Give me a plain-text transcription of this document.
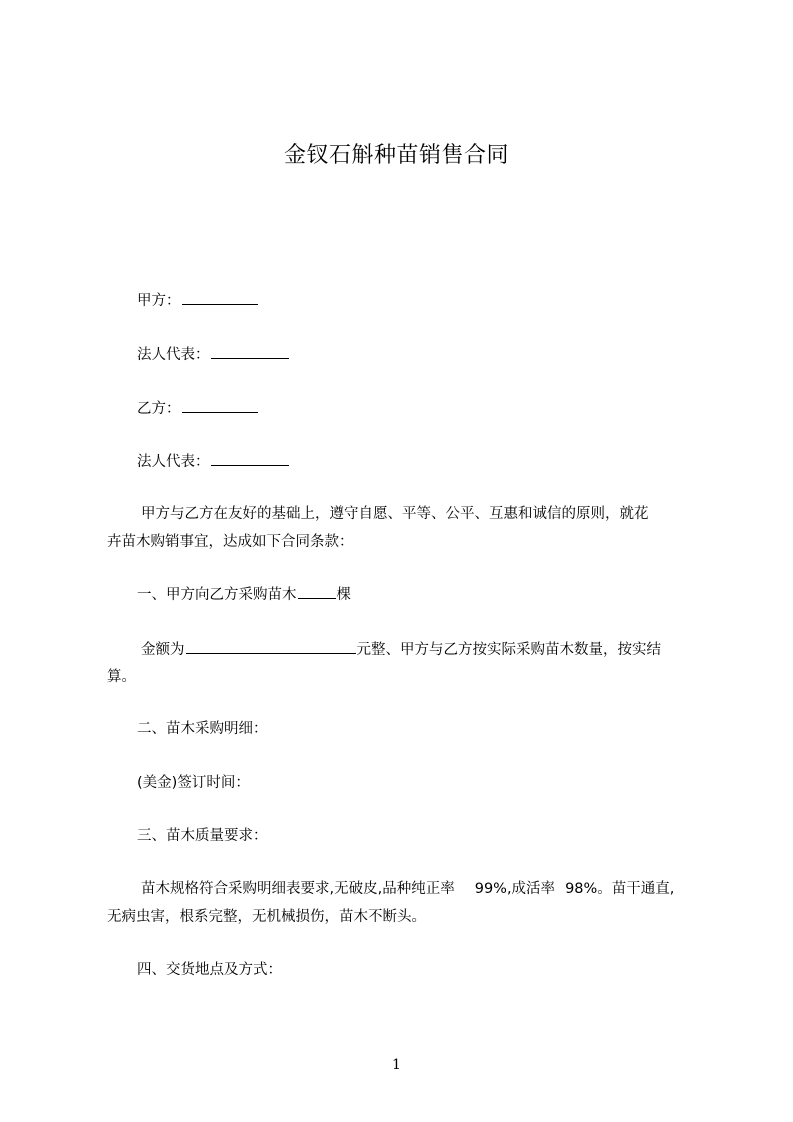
金钗石斛种苗销售合同
甲方：
法人代表：
乙方：
法人代表：
甲方与乙方在友好的基础上，遵守自愿、平等、公平、互惠和诚信的原则，就花
卉苗木购销事宜，达成如下合同条款：
一、甲方向乙方采购苗木	棵
金额为	元整、甲方与乙方按实际采购苗木数量，按实结
算。
二、苗木采购明细：
(美金)签订时间：
三、苗木质量要求：
苗木规格符合采购明细表要求,无破皮,品种纯正率 99%,成活率 98%。苗干通直,
无病虫害，根系完整，无机械损伤，苗木不断头。
四、交货地点及方式：
1
